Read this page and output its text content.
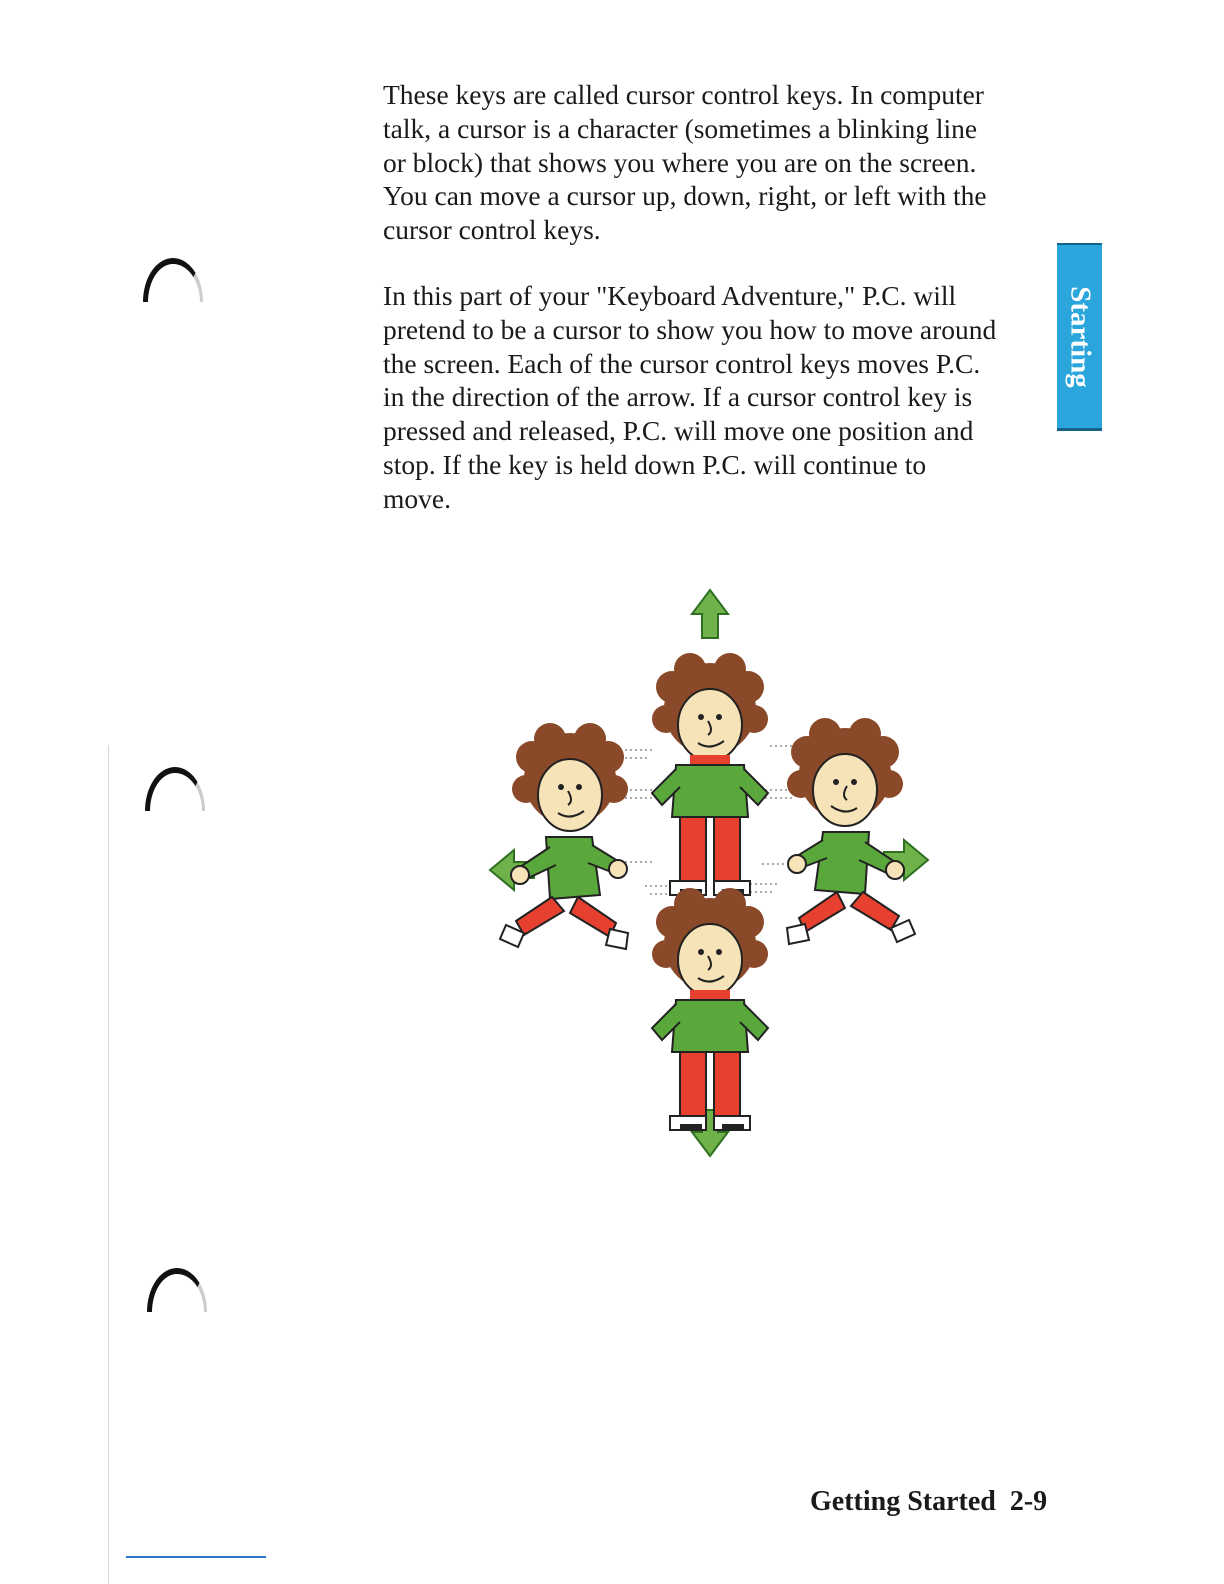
These keys are called cursor control keys. In computer
talk, a cursor is a character (sometimes a blinking line
or block) that shows you where you are on the screen.
You can move a cursor up, down, right, or left with the
cursor control keys.

In this part of your "Keyboard Adventure," P.C. will
pretend to be a cursor to show you how to move around
the screen. Each of the cursor control keys moves P.C.
in the direction of the arrow. If a cursor control key is
pressed and released, P.C. will move one position and
stop. If the key is held down P.C. will continue to
move.

Starting
Getting Started 2-9
